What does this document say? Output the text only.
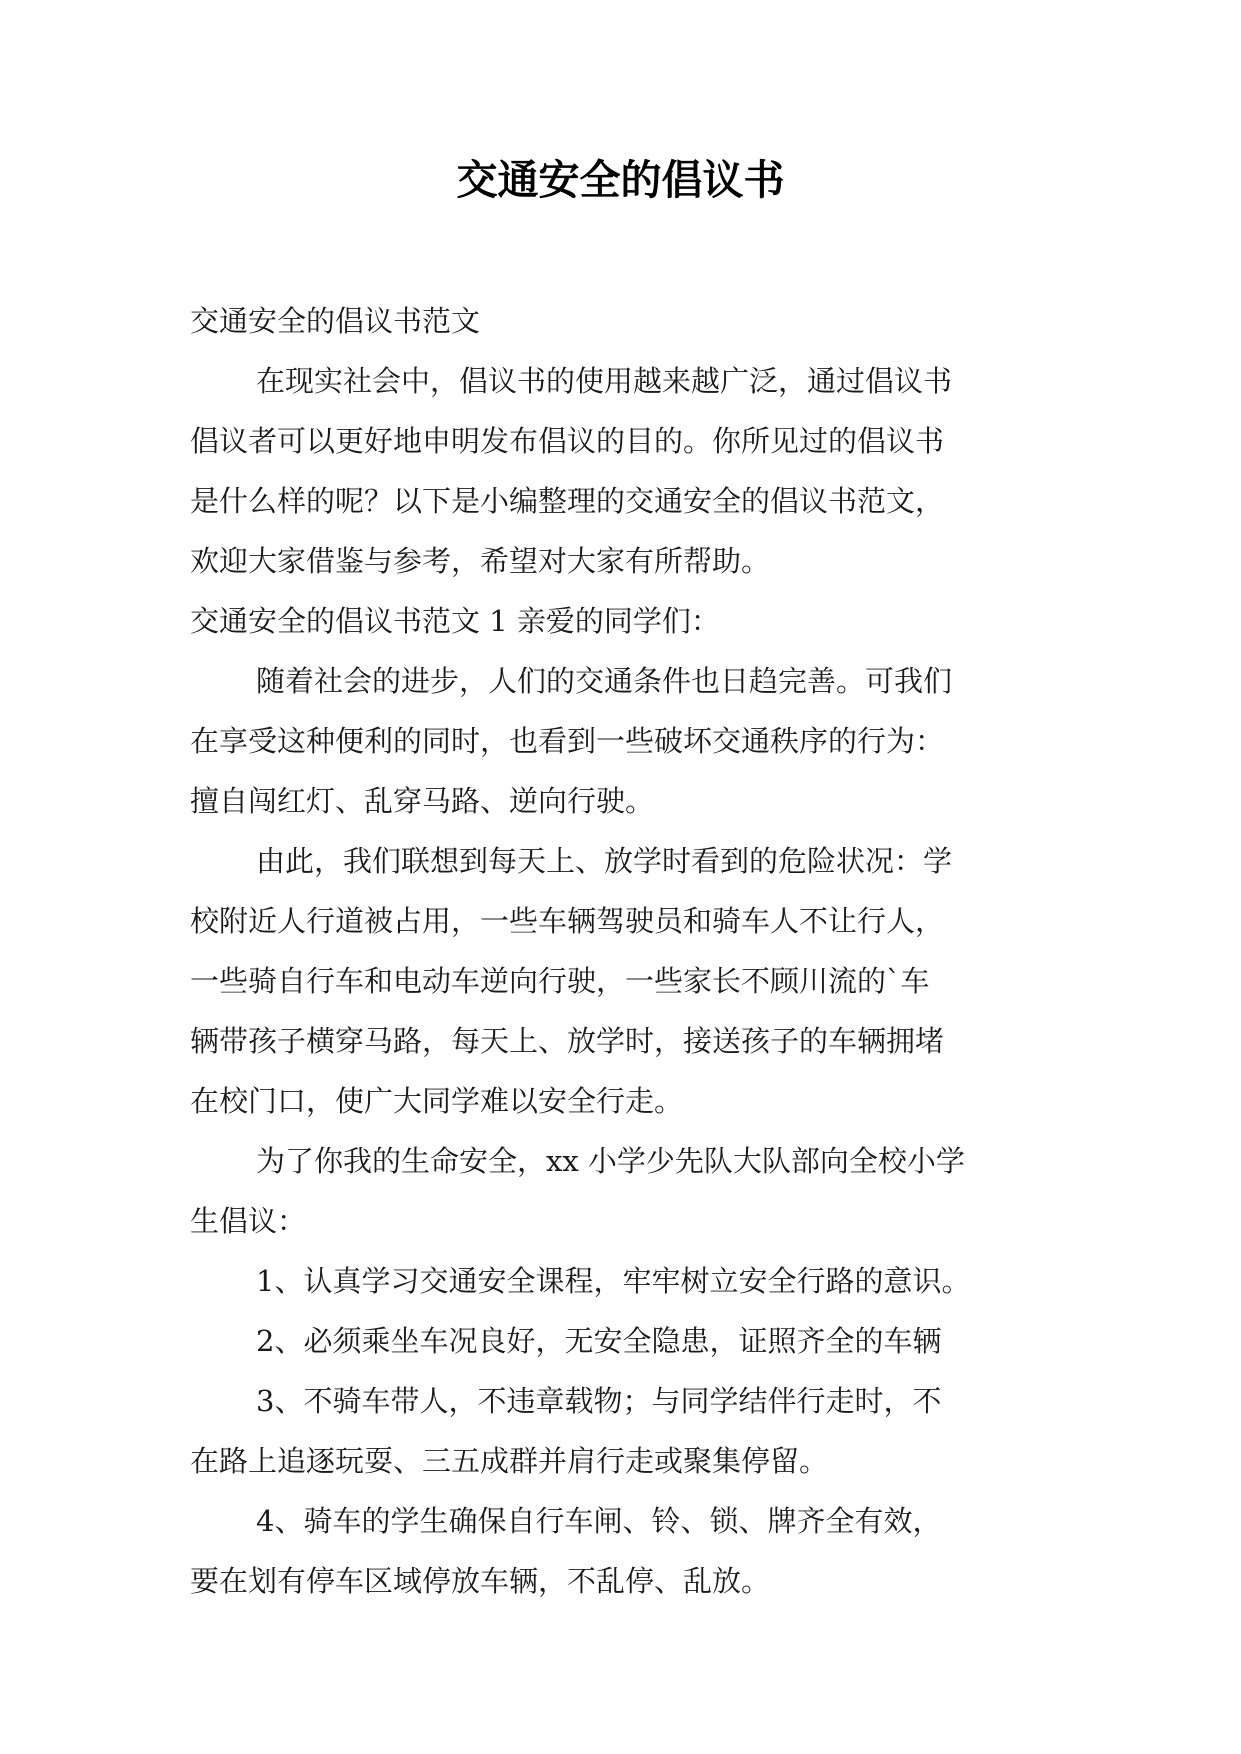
交通安全的倡议书
交通安全的倡议书范文
在现实社会中，倡议书的使用越来越广泛，通过倡议书
倡议者可以更好地申明发布倡议的目的。你所见过的倡议书
是什么样的呢？以下是小编整理的交通安全的倡议书范文，
欢迎大家借鉴与参考，希望对大家有所帮助。
交通安全的倡议书范文 1 亲爱的同学们：
随着社会的进步，人们的交通条件也日趋完善。可我们
在享受这种便利的同时，也看到一些破坏交通秩序的行为：
擅自闯红灯、乱穿马路、逆向行驶。
由此，我们联想到每天上、放学时看到的危险状况：学
校附近人行道被占用，一些车辆驾驶员和骑车人不让行人，
一些骑自行车和电动车逆向行驶，一些家长不顾川流的`车
辆带孩子横穿马路，每天上、放学时，接送孩子的车辆拥堵
在校门口，使广大同学难以安全行走。
为了你我的生命安全，xx 小学少先队大队部向全校小学
生倡议：
1、认真学习交通安全课程，牢牢树立安全行路的意识。
2、必须乘坐车况良好，无安全隐患，证照齐全的车辆
3、不骑车带人，不违章载物；与同学结伴行走时，不
在路上追逐玩耍、三五成群并肩行走或聚集停留。
4、骑车的学生确保自行车闸、铃、锁、牌齐全有效，
要在划有停车区域停放车辆，不乱停、乱放。
